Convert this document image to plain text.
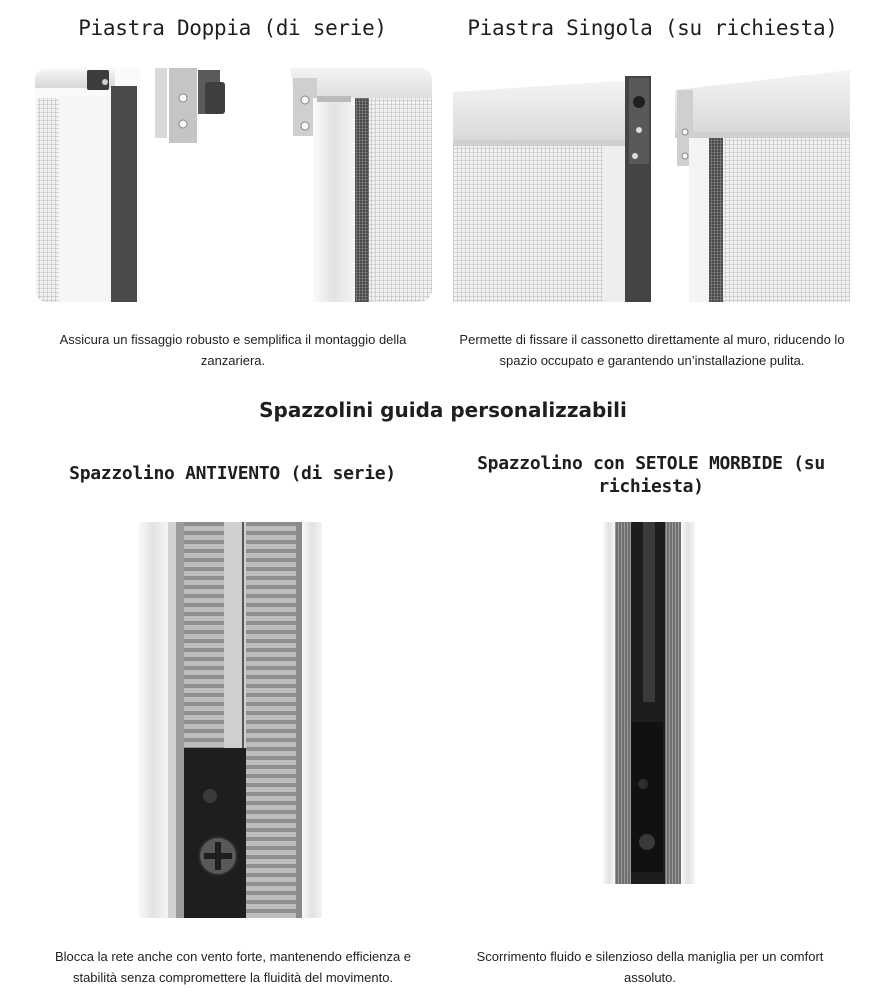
Piastra Doppia (di serie)	Piastra Singola (su richiesta)

Assicura un fissaggio robusto e semplifica il montaggio della zanzariera.

Permette di fissare il cassonetto direttamente al muro, riducendo lo spazio occupato e garantendo un’installazione pulita.

Spazzolini guida personalizzabili
Spazzolino ANTIVENTO (di serie)	Spazzolino con SETOLE MORBIDE (su richiesta)

Blocca la rete anche con vento forte, mantenendo efficienza e stabilità senza compromettere la fluidità del movimento.

Scorrimento fluido e silenzioso della maniglia per un comfort assoluto.
